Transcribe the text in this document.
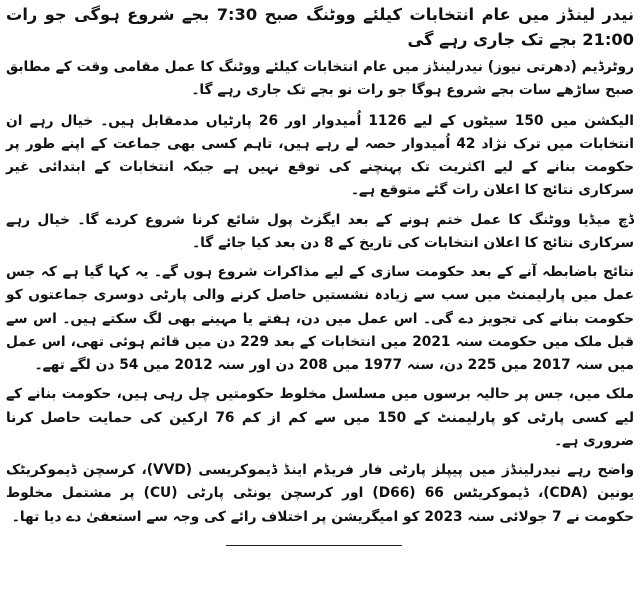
نیدر لینڈز میں عام انتخابات کیلئے ووٹنگ صبح 7:30 بجے شروع ہوگی جو رات 21:00 بجے تک جاری رہے گی

روٹرڈیم (دھرتی نیوز) نیدرلینڈز میں عام انتخابات کیلئے ووٹنگ کا عمل مقامی وقت کے مطابق صبح ساڑھے سات بجے شروع ہوگا جو رات نو بجے تک جاری رہے گا۔

الیکشن میں 150 سیٹوں کے لیے 1126 اُمیدوار اور 26 پارٹیاں مدمقابل ہیں۔ خیال رہے ان انتخابات میں ترک نژاد 42 اُمیدوار حصہ لے رہے ہیں، تاہم کسی بھی جماعت کے اپنے طور پر حکومت بنانے کے لیے اکثریت تک پہنچنے کی توقع نہیں ہے جبکہ انتخابات کے ابتدائی غیر سرکاری نتائج کا اعلان رات گئے متوقع ہے۔

ڈچ میڈیا ووٹنگ کا عمل ختم ہونے کے بعد ایگزٹ پول شائع کرنا شروع کردے گا۔ خیال رہے سرکاری نتائج کا اعلان انتخابات کی تاریخ کے 8 دن بعد کیا جائے گا۔

نتائج باضابطہ آنے کے بعد حکومت سازی کے لیے مذاکرات شروع ہوں گے۔ یہ کہا گیا ہے کہ جس عمل میں پارلیمنٹ میں سب سے زیادہ نشستیں حاصل کرنے والی پارٹی دوسری جماعتوں کو حکومت بنانے کی تجویز دے گی۔ اس عمل میں دن، ہفتے یا مہینے بھی لگ سکتے ہیں۔ اس سے قبل ملک میں حکومت سنہ 2021 میں انتخابات کے بعد 229 دن میں قائم ہوئی تھی، اس عمل میں سنہ 2017 میں 225 دن، سنہ 1977 میں 208 دن اور سنہ 2012 میں 54 دن لگے تھے۔

ملک میں، جس پر حالیہ برسوں میں مسلسل مخلوط حکومتیں چل رہی ہیں، حکومت بنانے کے لیے کسی پارٹی کو پارلیمنٹ کے 150 میں سے کم از کم 76 ارکین کی حمایت حاصل کرنا ضروری ہے۔

واضح رہے نیدرلینڈز میں پیپلز پارٹی فار فریڈم اینڈ ڈیموکریسی (VVD)، کرسچن ڈیموکریٹک یونین (CDA)، ڈیموکریٹس 66 (D66) اور کرسچن یونٹی پارٹی (CU) پر مشتمل مخلوط حکومت نے 7 جولائی سنہ 2023 کو امیگریشن پر اختلاف رائے کی وجہ سے استعفیٰ دے دیا تھا۔
